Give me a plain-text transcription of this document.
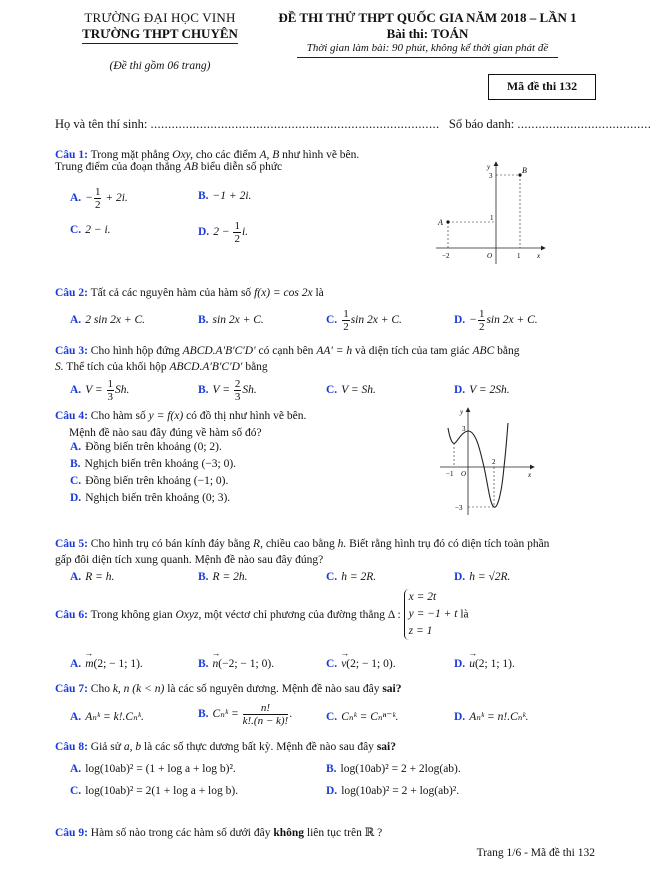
TRƯỜNG ĐẠI HỌC VINH
TRƯỜNG THPT CHUYÊN
(Đề thi gồm 06 trang)
ĐỀ THI THỬ THPT QUỐC GIA NĂM 2018 – LẦN 1
Bài thi: TOÁN
Thời gian làm bài: 90 phút, không kể thời gian phát đề
Mã đề thi 132
Họ và tên thí sinh: .................................................................................. Số báo danh: ......................................
Câu 1: Trong mặt phẳng Oxy, cho các điểm A, B như hình vẽ bên.
Trung điểm của đoạn thẳng AB biểu diễn số phức
A. − $\frac{1}{2} + 2i$.	B. −1 + 2i.
C. 2 − i.	D. $2 - \frac{1}{2} i$.
A
B
y
x
O
−2	1
1
3
Câu 2: Tất cả các nguyên hàm của hàm số f(x) = cos 2x là
A. 2 sin 2x + C.	B. sin 2x + C.	C. $\frac{1}{2}$ sin 2x + C.	D. − $\frac{1}{2}$ sin 2x + C.
Câu 3: Cho hình hộp đứng ABCD.A′B′C′D′ có cạnh bên AA′ = h và diện tích của tam giác ABC bằng
S. Thể tích của khối hộp ABCD.A′B′C′D′ bằng
A. $V = \frac{1}{3} Sh$.	B. $V = \frac{2}{3} Sh$.	C. V = Sh.	D. V = 2Sh.
Câu 4: Cho hàm số y = f(x) có đồ thị như hình vẽ bên.
Mệnh đề nào sau đây đúng về hàm số đó?
A. Đồng biến trên khoảng (0; 2).
B. Nghịch biến trên khoảng (−3; 0).
C. Đồng biến trên khoảng (−1; 0).
D. Nghịch biến trên khoảng (0; 3).
y
x
O
−1
2
3
−3
Câu 5: Cho hình trụ có bán kính đáy bằng R, chiều cao bằng h. Biết rằng hình trụ đó có diện tích toàn phần
gấp đôi diện tích xung quanh. Mệnh đề nào sau đây đúng?
A. R = h.	B. R = 2h.	C. h = 2R.	D. h = √2R.
Câu 6: Trong không gian Oxyz, một véctơ chỉ phương của đường thẳng Δ : x = 2t
y = −1 + t
z = 1 là
A. → m(2; − 1; 1).	B. → n(−2; − 1; 0).	C. → v(2; − 1; 0).	D. → u(2; 1; 1).
Câu 7: Cho k, n (k < n) là các số nguyên dương. Mệnh đề nào sau đây sai?
A. Aₙᵏ = k!.Cₙᵏ.	B. Cₙᵏ = $\frac{n!}{k!.(n - k)!}$ .	C. Cₙᵏ = Cₙⁿ⁻ᵏ.	D. Aₙᵏ = n!.Cₙᵏ.
Câu 8: Giả sử a, b là các số thực dương bất kỳ. Mệnh đề nào sau đây sai?
A. log(10ab)² = (1 + log a + log b)².	B. log(10ab)² = 2 + 2log(ab).
C. log(10ab)² = 2(1 + log a + log b).	D. log(10ab)² = 2 + log(ab)².
Câu 9: Hàm số nào trong các hàm số dưới đây không liên tục trên ℝ ?
Trang 1/6 - Mã đề thi 132
